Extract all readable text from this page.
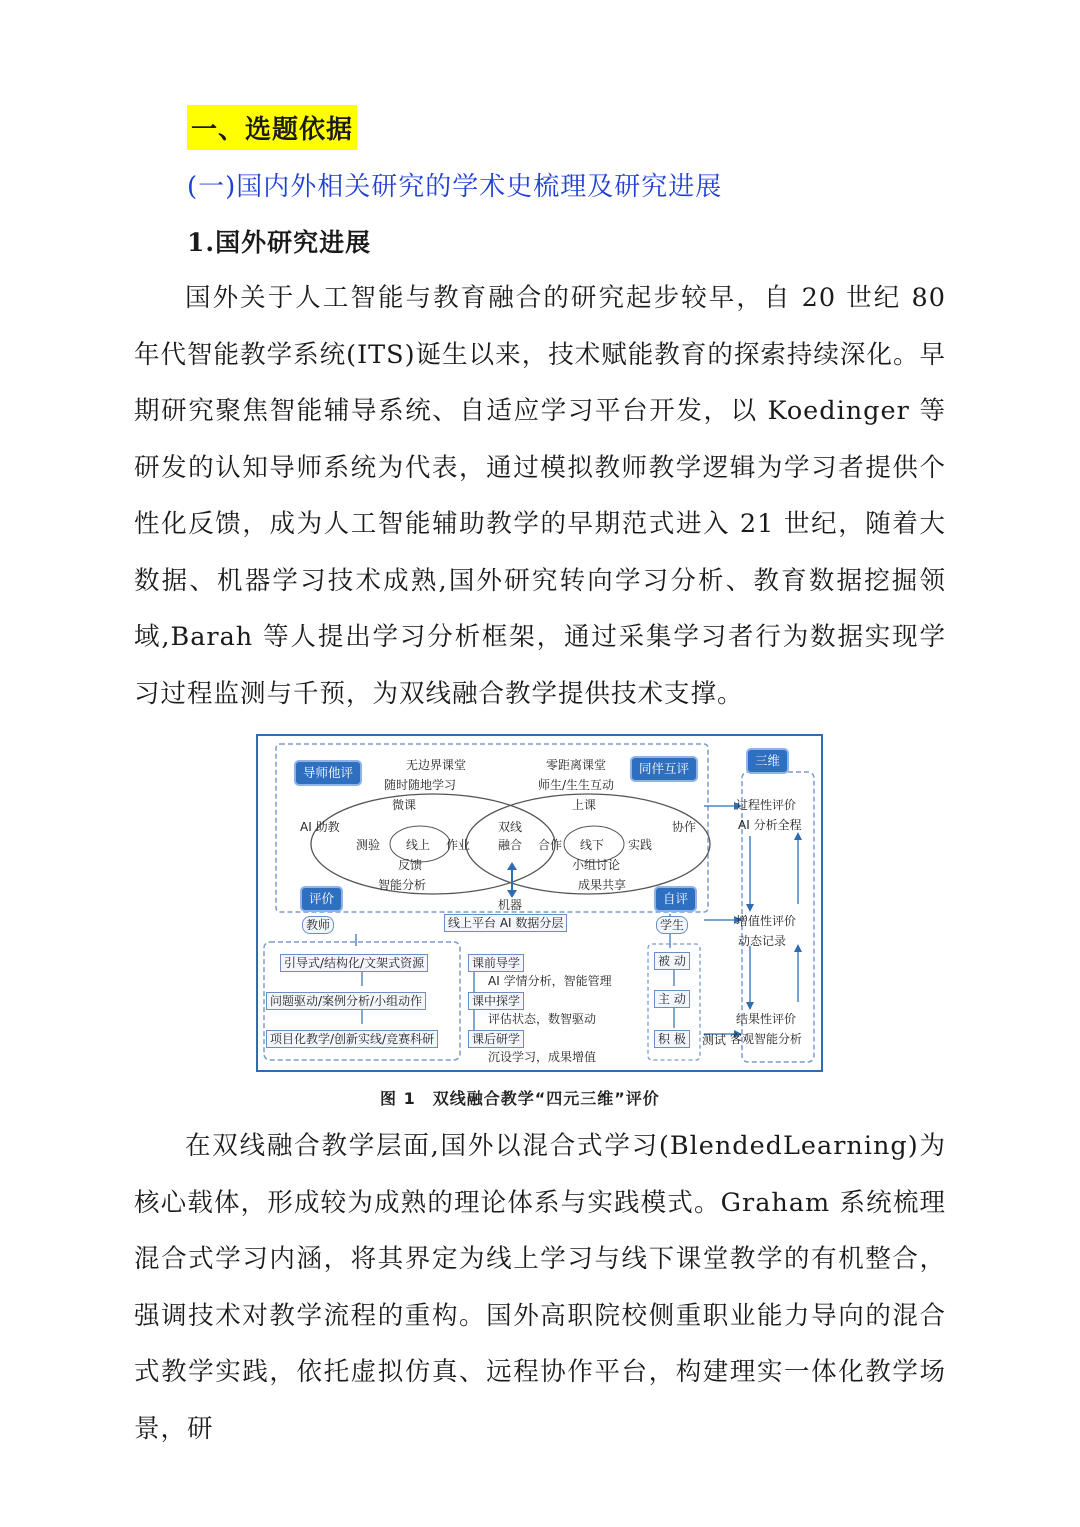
一、选题依据
(一)国内外相关研究的学术史梳理及研究进展
1.国外研究进展

国外关于人工智能与教育融合的研究起步较早，自 20 世纪 80 年代智能教学系统(ITS)诞生以来，技术赋能教育的探索持续深化。早期研究聚焦智能辅导系统、自适应学习平台开发，以 Koedinger 等研发的认知导师系统为代表，通过模拟教师教学逻辑为学习者提供个性化反馈，成为人工智能辅助教学的早期范式进入 21 世纪，随着大数据、机器学习技术成熟,国外研究转向学习分析、教育数据挖掘领域,Barah 等人提出学习分析框架，通过采集学习者行为数据实现学习过程监测与千预，为双线融合教学提供技术支撑。

导师他评	同伴互评
三维
评价	自评
无边界课堂
随时随地学习
微课
AI 助教
测验 线上 作业
反馈
智能分析
双线
融合
零距离课堂
师生/生生互动
上课
合作 线下 实践
小组讨论
成果共享
协作
机器
线上平台 AI 数据分层
教师	学生
引导式/结构化/文架式资源
问题驱动/案例分析/小组动作
项目化教学/创新实线/竞赛科研
课前导学
AI 学情分析，智能管理
课中探学
评估状态，数智驱动
课后研学
沉设学习，成果增值
被 动
主 动
积 极	测试
过程性评价
AI 分析全程
增值性评价
动态记录
结果性评价
客观智能分析
图 1　双线融合教学“四元三维”评价

在双线融合教学层面,国外以混合式学习(BlendedLearning)为核心载体，形成较为成熟的理论体系与实践模式。Graham 系统梳理混合式学习内涵，将其界定为线上学习与线下课堂教学的有机整合，强调技术对教学流程的重构。国外高职院校侧重职业能力导向的混合式教学实践，依托虚拟仿真、远程协作平台，构建理实一体化教学场景，研
